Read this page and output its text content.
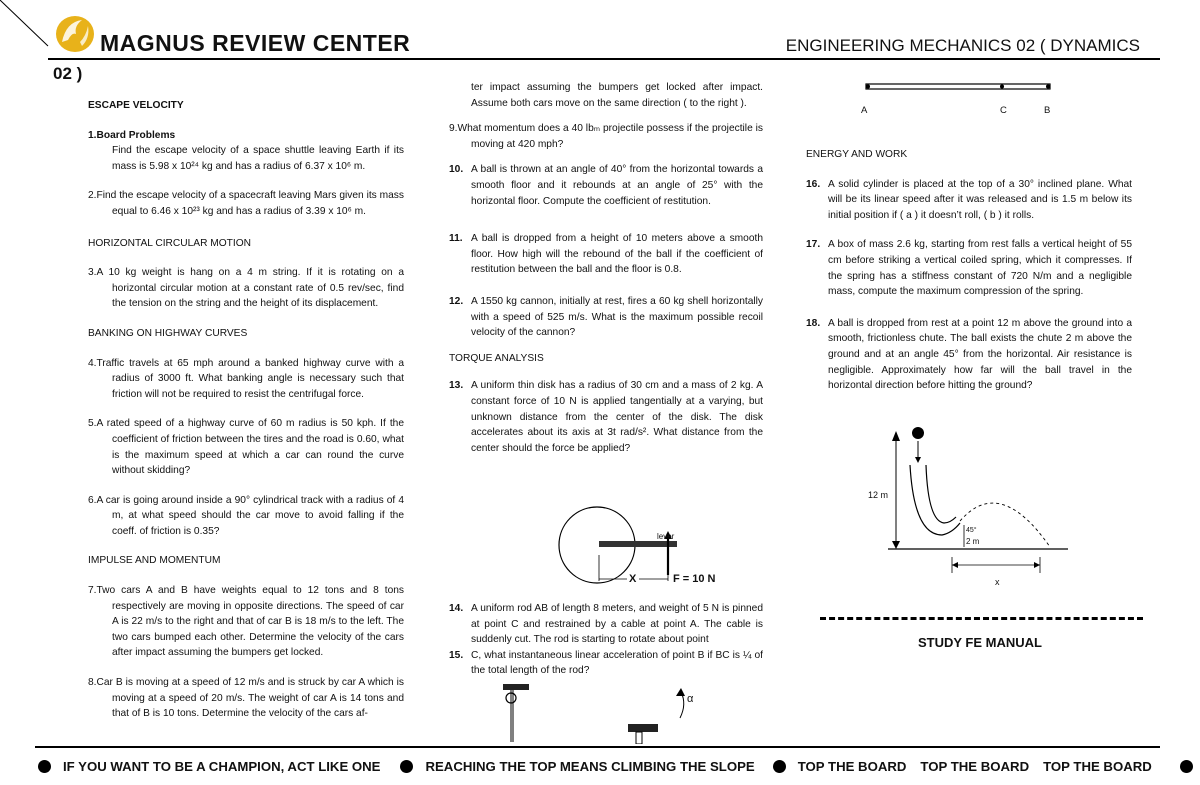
MAGNUS REVIEW CENTER	ENGINEERING MECHANICS 02 ( DYNAMICS
02 )

ESCAPE VELOCITY

1.Board Problems

Find the escape velocity of a space shuttle leaving Earth if its mass is 5.98 x 10²⁴ kg and has a radius of 6.37 x 10⁶ m.

2.Find the escape velocity of a spacecraft leaving Mars given its mass equal to 6.46 x 10²³ kg and has a radius of 3.39 x 10⁶ m.

HORIZONTAL CIRCULAR MOTION

3.A 10 kg weight is hang on a 4 m string. If it is rotating on a horizontal circular motion at a constant rate of 0.5 rev/sec, find the tension on the string and the height of its displacement.

BANKING ON HIGHWAY CURVES

4.Traffic travels at 65 mph around a banked highway curve with a radius of 3000 ft. What banking angle is necessary such that friction will not be required to resist the centrifugal force.

5.A rated speed of a highway curve of 60 m radius is 50 kph. If the coefficient of friction between the tires and the road is 0.60, what is the maximum speed at which a car can round the curve without skidding?

6.A car is going around inside a 90° cylindrical track with a radius of 4 m, at what speed should the car move to avoid falling if the coeff. of friction is 0.35?

IMPULSE AND MOMENTUM

7.Two cars A and B have weights equal to 12 tons and 8 tons respectively are moving in opposite directions. The speed of car A is 22 m/s to the right and that of car B is 18 m/s to the left. The two cars bumped each other. Determine the velocity of the cars after impact assuming the bumpers get locked.

8.Car B is moving at a speed of 12 m/s and is struck by car A which is moving at a speed of 20 m/s. The weight of car A is 14 tons and that of B is 10 tons. Determine the velocity of the cars af-

ter impact assuming the bumpers get locked after impact. Assume both cars move on the same direction ( to the right ).

9.What momentum does a 40 lbₘ projectile possess if the projectile is moving at 420 mph?

10. A ball is thrown at an angle of 40° from the horizontal towards a smooth floor and it rebounds at an angle of 25° with the horizontal floor. Compute the coefficient of restitution.
11. A ball is dropped from a height of 10 meters above a smooth floor. How high will the rebound of the ball if the coefficient of restitution between the ball and the floor is 0.8.
12. A 1550 kg cannon, initially at rest, fires a 60 kg shell horizontally with a speed of 525 m/s. What is the maximum possible recoil velocity of the cannon?

TORQUE ANALYSIS

13. A uniform thin disk has a radius of 30 cm and a mass of 2 kg. A constant force of 10 N is applied tangentially at a varying, but unknown distance from the center of the disk. The disk accelerates about its axis at 3t rad/s². What distance from the center should the force be applied?
lever
X	F = 10 N
14. A uniform rod AB of length 8 meters, and weight of 5 N is pinned at point C and restrained by a cable at point A. The cable is suddenly cut. The rod is starting to rotate about point
15. C, what instantaneous linear acceleration of point B if BC is ¼ of the total length of the rod?
α
A	C	B

ENERGY AND WORK

16. A solid cylinder is placed at the top of a 30° inclined plane. What will be its linear speed after it was released and is 1.5 m below its initial position if ( a ) it doesn’t roll, ( b ) it rolls.
17. A box of mass 2.6 kg, starting from rest falls a vertical height of 55 cm before striking a vertical coiled spring, which it compresses. If the spring has a stiffness constant of 720 N/m and a negligible mass, compute the maximum compression of the spring.
18. A ball is dropped from rest at a point 12 m above the ground into a smooth, frictionless chute. The ball exists the chute 2 m above the ground and at an angle 45° from the horizontal. Air resistance is negligible. Approximately how far will the ball travel in the horizontal direction before hitting the ground?
12 m
2 m
45°
x
STUDY FE MANUAL
IF YOU WANT TO BE A CHAMPION, ACT LIKE ONE	REACHING THE TOP MEANS CLIMBING THE SLOPE	TOP THE BOARD TOP THE BOARD TOP THE BOARD
